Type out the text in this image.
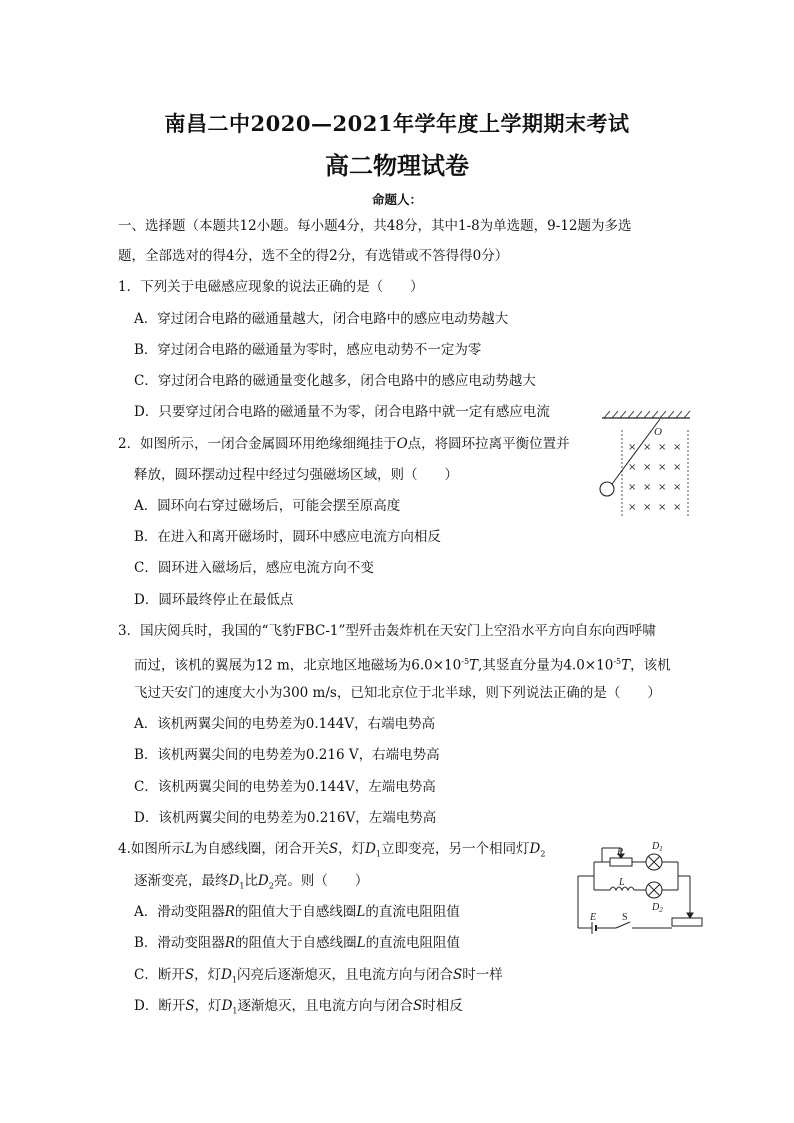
南昌二中2020—2021年学年度上学期期末考试
高二物理试卷
命题人：
一、选择题（本题共12小题。每小题4分，共48分，其中1-8为单选题，9-12题为多选
题，全部选对的得4分，选不全的得2分，有选错或不答得得0分）
1．下列关于电磁感应现象的说法正确的是（　　）
A．穿过闭合电路的磁通量越大，闭合电路中的感应电动势越大
B．穿过闭合电路的磁通量为零时，感应电动势不一定为零
C．穿过闭合电路的磁通量变化越多，闭合电路中的感应电动势越大
D．只要穿过闭合电路的磁通量不为零，闭合电路中就一定有感应电流
2．如图所示，一闭合金属圆环用绝缘细绳挂于O点，将圆环拉离平衡位置并
释放，圆环摆动过程中经过匀强磁场区域，则（　　）
A．圆环向右穿过磁场后，可能会摆至原高度
B．在进入和离开磁场时，圆环中感应电流方向相反
C．圆环进入磁场后，感应电流方向不变
D．圆环最终停止在最低点
O
× × × ×
× × × ×
× × × ×
× × × ×
3．国庆阅兵时，我国的“飞豹FBC-1”型歼击轰炸机在天安门上空沿水平方向自东向西呼啸
而过，该机的翼展为12 m，北京地区地磁场为$6.0\times 10^{-5}T$,其竖直分量为$4.0\times 10^{-5}T$，该机
飞过天安门的速度大小为300 m/s，已知北京位于北半球，则下列说法正确的是（　　）
A．该机两翼尖间的电势差为0.144V，右端电势高
B．该机两翼尖间的电势差为0.216 V，右端电势高
C．该机两翼尖间的电势差为0.144V，左端电势高
D．该机两翼尖间的电势差为0.216V，左端电势高
4.如图所示L为自感线圈，闭合开关S，灯$D_1$立即变亮，另一个相同灯$D_2$
逐渐变亮，最终$D_1$比$D_2$亮。则（　　）
A．滑动变阻器R的阻值大于自感线圈L的直流电阻阻值
B．滑动变阻器R的阻值大于自感线圈L的直流电阻阻值
C．断开S，灯$D_1$闪亮后逐渐熄灭，且电流方向与闭合S时一样
D．断开S，灯$D_1$逐渐熄灭，且电流方向与闭合S时相反
R
L
E	S
$D_1$
$D_2$
